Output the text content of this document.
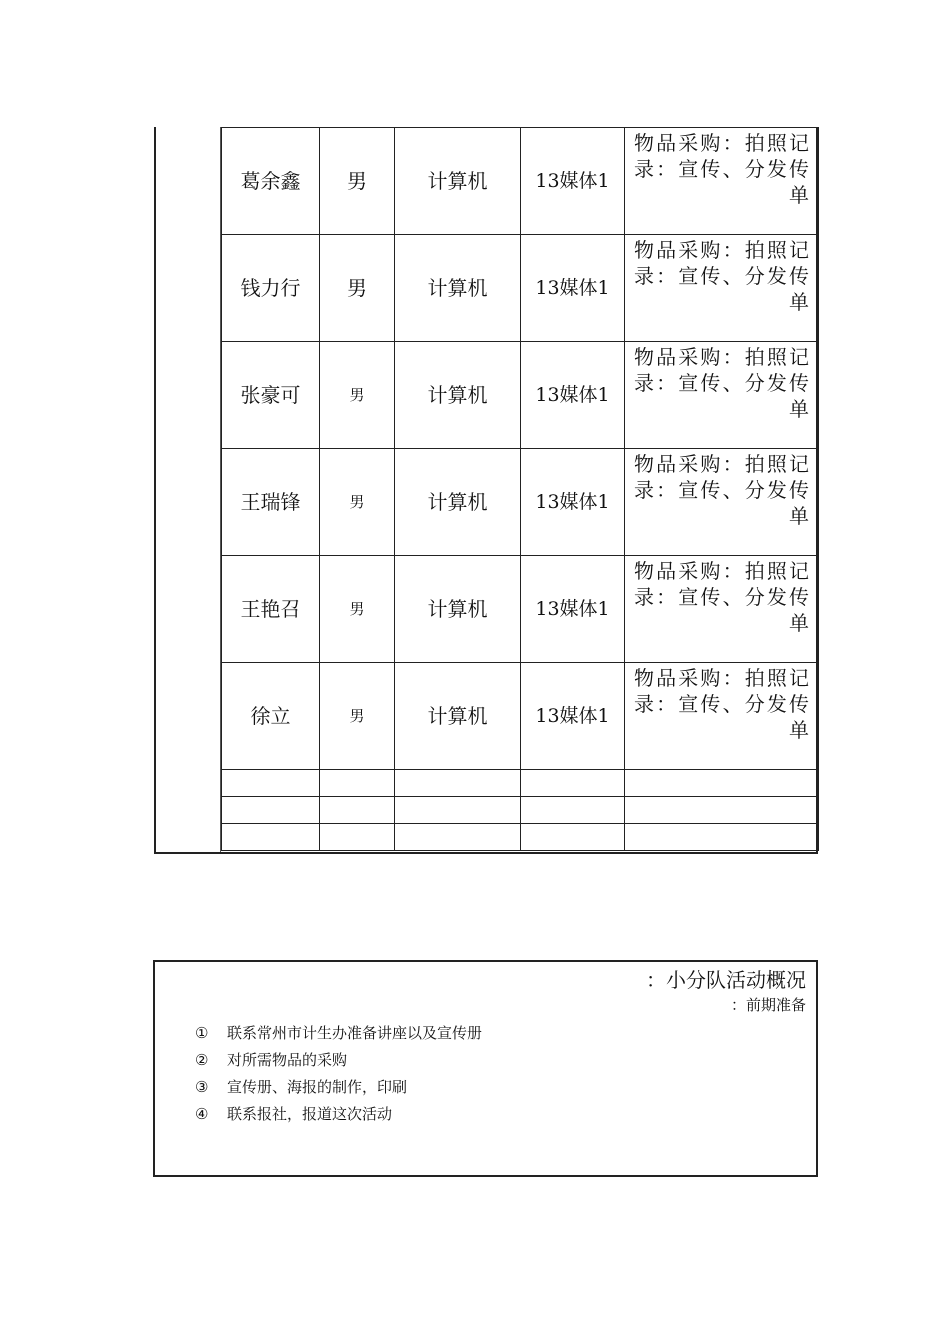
葛余鑫	男	计算机	13媒体1	物品采购：拍照记录：宣传、分发传单
钱力行	男	计算机	13媒体1	物品采购：拍照记录：宣传、分发传单
张豪可	男	计算机	13媒体1	物品采购：拍照记录：宣传、分发传单
王瑞锋	男	计算机	13媒体1	物品采购：拍照记录：宣传、分发传单
王艳召	男	计算机	13媒体1	物品采购：拍照记录：宣传、分发传单
徐立	男	计算机	13媒体1	物品采购：拍照记录：宣传、分发传单

：小分队活动概况
：前期准备
① 联系常州市计生办准备讲座以及宣传册
② 对所需物品的采购
③ 宣传册、海报的制作，印刷
④ 联系报社，报道这次活动
